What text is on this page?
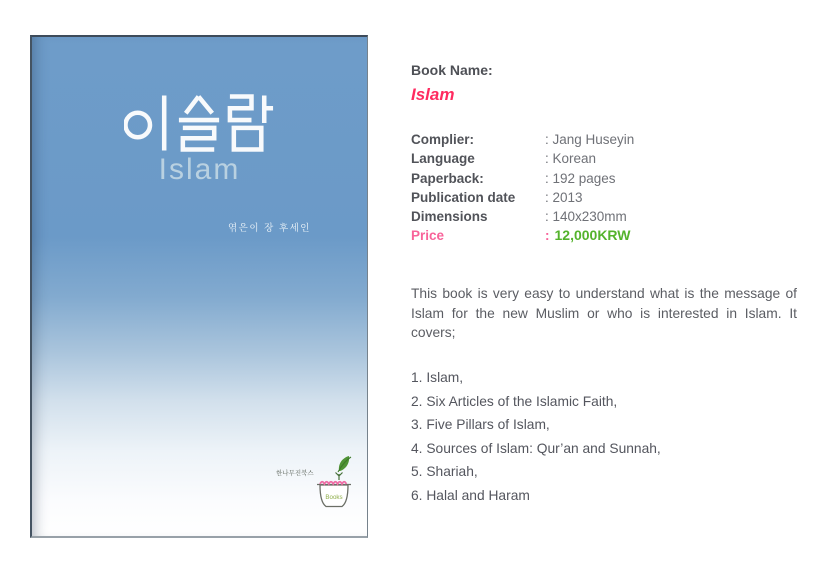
Islam
엮은이 장 후세인
한나무진북스
Books
Book Name:
Islam
Complier:	: Jang Huseyin
Language	: Korean
Paperback:	: 192 pages
Publication date	: 2013
Dimensions	: 140x230mm
Price	: 12,000KRW
This book is very easy to understand what is the message of Islam for the new Muslim or who is interested in Islam. It covers;
1. Islam,
2. Six Articles of the Islamic Faith,
3. Five Pillars of Islam,
4. Sources of Islam: Qur’an and Sunnah,
5. Shariah,
6. Halal and Haram
